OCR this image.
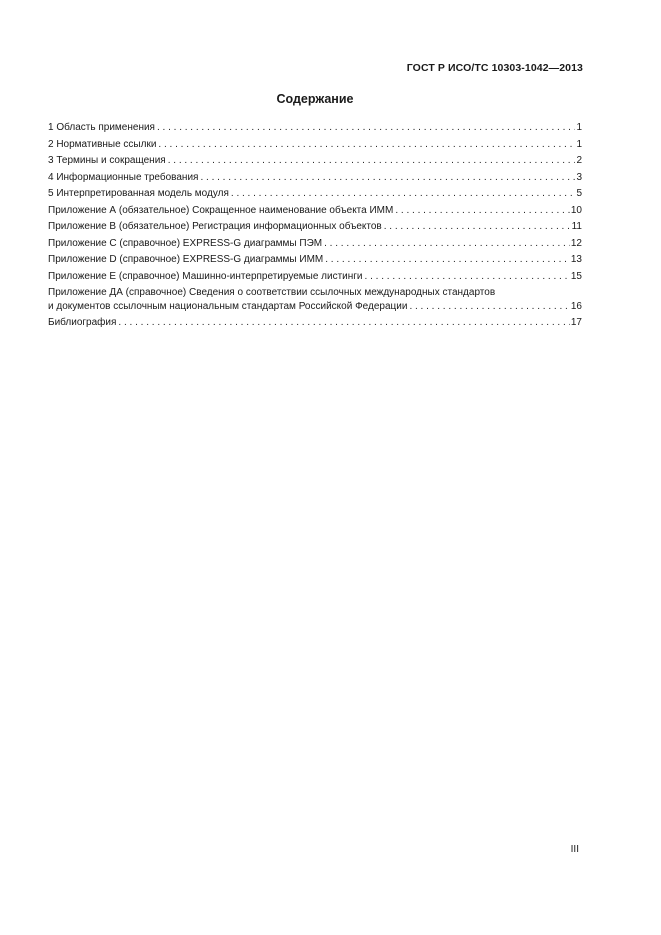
ГОСТ Р ИСО/ТС 10303-1042—2013
Содержание
1 Область применения . . .	1
2 Нормативные ссылки . . .	1
3 Термины и сокращения . . .	2
4 Информационные требования . . .	3
5 Интерпретированная модель модуля . . .	5
Приложение А (обязательное) Сокращенное наименование объекта ИММ . . .	10
Приложение В (обязательное) Регистрация информационных объектов . . .	11
Приложение С (справочное) EXPRESS-G диаграммы ПЭМ . . .	12
Приложение D (справочное) EXPRESS-G диаграммы ИММ . . .	13
Приложение Е (справочное) Машинно-интерпретируемые листинги . . .	15
Приложение ДА (справочное) Сведения о соответствии ссылочных международных стандартов
и документов ссылочным национальным стандартам Российской Федерации . . .	16
Библиография . . .	17
III
